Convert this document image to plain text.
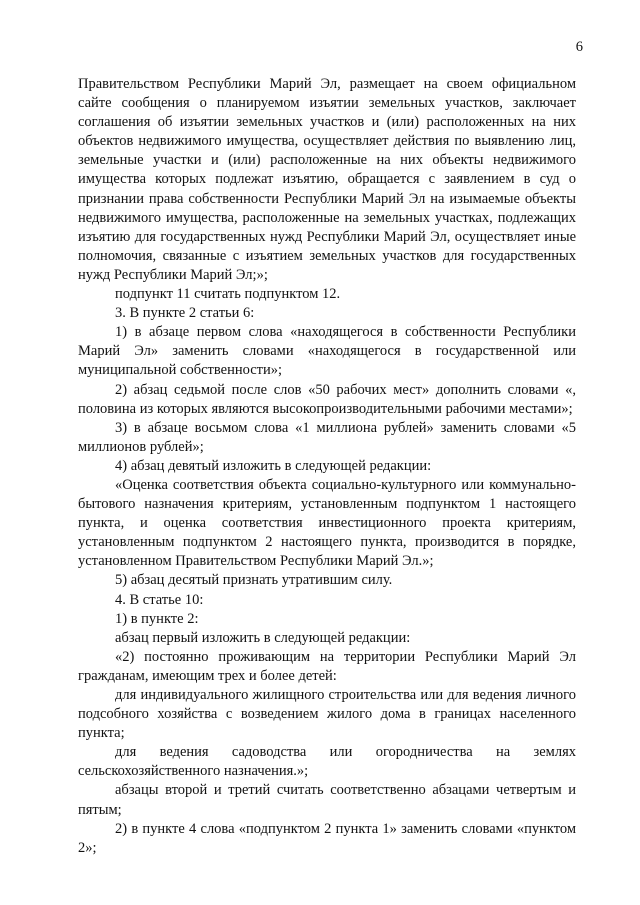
6

Правительством Республики Марий Эл, размещает на своем официальном сайте сообщения о планируемом изъятии земельных участков, заключает соглашения об изъятии земельных участков и (или) расположенных на них объектов недвижимого имущества, осуществляет действия по выявлению лиц, земельные участки и (или) расположенные на них объекты недвижимого имущества которых подлежат изъятию, обращается с заявлением в суд о признании права собственности Республики Марий Эл на изымаемые объекты недвижимого имущества, расположенные на земельных участках, подлежащих изъятию для государственных нужд Республики Марий Эл, осуществляет иные полномочия, связанные с изъятием земельных участков для государственных нужд Республики Марий Эл;»;

подпункт 11 считать подпунктом 12.

3. В пункте 2 статьи 6:

1) в абзаце первом слова «находящегося в собственности Республики Марий Эл» заменить словами «находящегося в государственной или муниципальной собственности»;

2) абзац седьмой после слов «50 рабочих мест» дополнить словами «, половина из которых являются высокопроизводительными рабочими местами»;

3) в абзаце восьмом слова «1 миллиона рублей» заменить словами «5 миллионов рублей»;

4) абзац девятый изложить в следующей редакции:

«Оценка соответствия объекта социально-культурного или коммунально-бытового назначения критериям, установленным подпунктом 1 настоящего пункта, и оценка соответствия инвестиционного проекта критериям, установленным подпунктом 2 настоящего пункта, производится в порядке, установленном Правительством Республики Марий Эл.»;

5) абзац десятый признать утратившим силу.

4. В статье 10:

1) в пункте 2:

абзац первый изложить в следующей редакции:

«2) постоянно проживающим на территории Республики Марий Эл гражданам, имеющим трех и более детей:

для индивидуального жилищного строительства или для ведения личного подсобного хозяйства с возведением жилого дома в границах населенного пункта;

для ведения садоводства или огородничества на землях сельскохозяйственного назначения.»;

абзацы второй и третий считать соответственно абзацами четвертым и пятым;

2) в пункте 4 слова «подпунктом 2 пункта 1» заменить словами «пунктом 2»;
